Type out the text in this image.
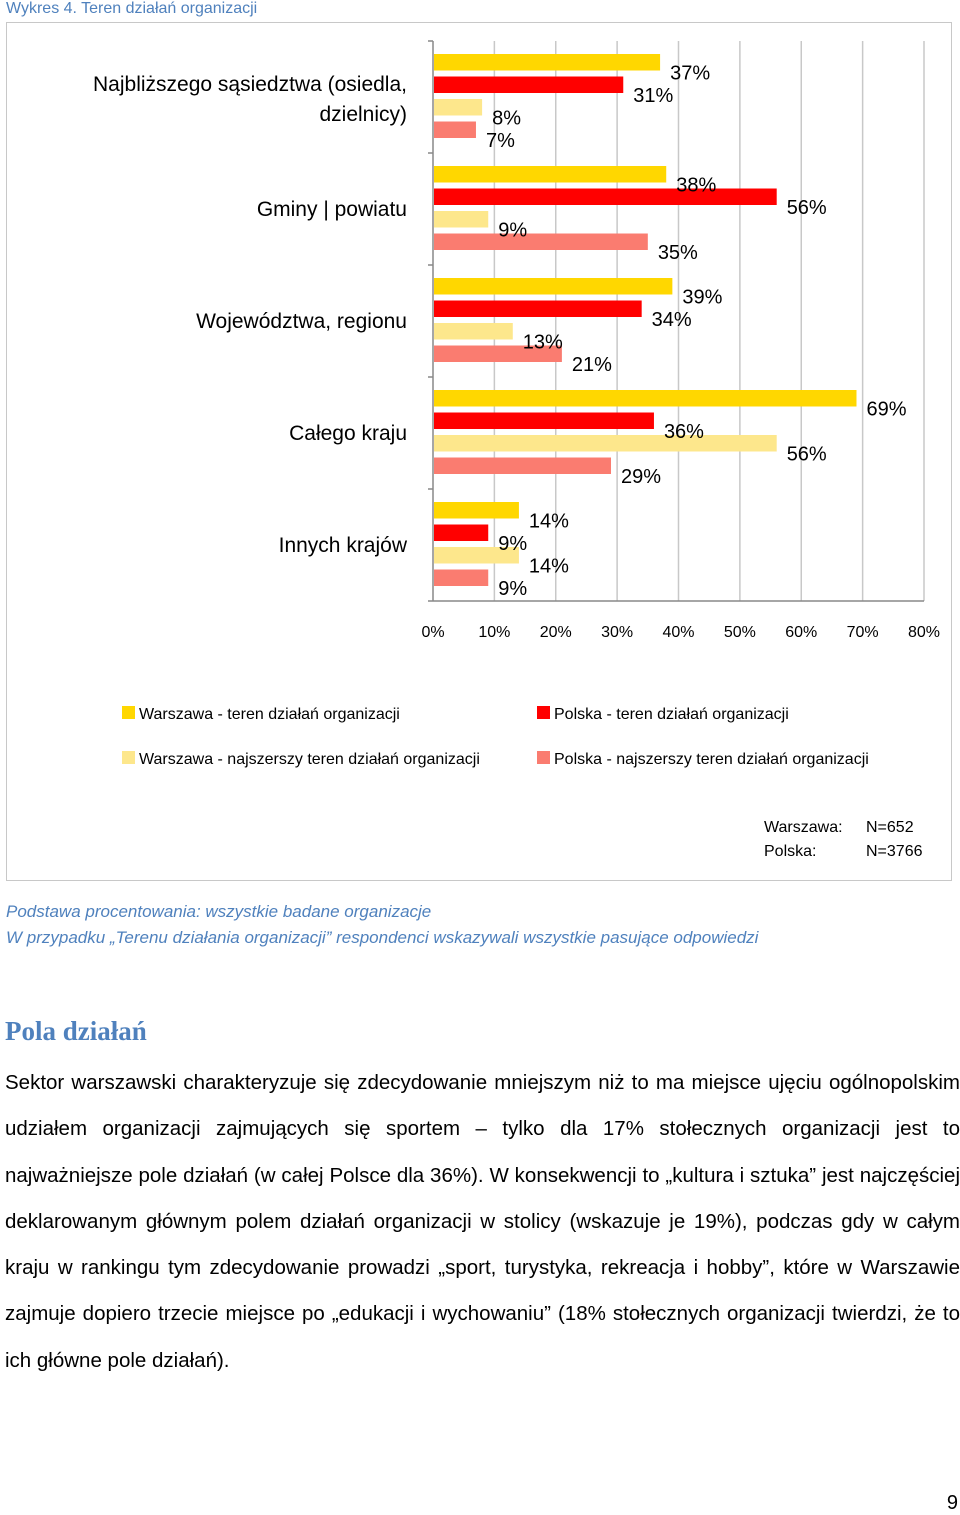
Wykres 4. Teren działań organizacji
37%
38%
39%
69%
14%
31%
56%
34%
36%
9%
8%
9%
13%
56%
14%
7%
35%
21%
29%
9%
Najbliższego sąsiedztwa (osiedla, dzielnicy)
Gminy | powiatu
Województwa, regionu
Całego kraju
Innych krajów
0% 10% 20% 30% 40% 50% 60% 70% 80%
Warszawa - teren działań organizacji	Polska - teren działań organizacji
Warszawa - najszerszy teren działań organizacji	Polska - najszerszy teren działań organizacji
Warszawa: N=652
Polska:	N=3766
Podstawa procentowania: wszystkie badane organizacje
W przypadku „Terenu działania organizacji” respondenci wskazywali wszystkie pasujące odpowiedzi
Pola działań

Sektor warszawski charakteryzuje się zdecydowanie mniejszym niż to ma miejsce ujęciu ogólnopolskim udziałem organizacji zajmujących się sportem – tylko dla 17% stołecznych organizacji jest to najważniejsze pole działań (w całej Polsce dla 36%). W konsekwencji to „kultura i sztuka” jest najczęściej deklarowanym głównym polem działań organizacji w stolicy (wskazuje je 19%), podczas gdy w całym kraju w rankingu tym zdecydowanie prowadzi „sport, turystyka, rekreacja i hobby”, które w Warszawie zajmuje dopiero trzecie miejsce po „edukacji i wychowaniu” (18% stołecznych organizacji twierdzi, że to ich główne pole działań).

9
